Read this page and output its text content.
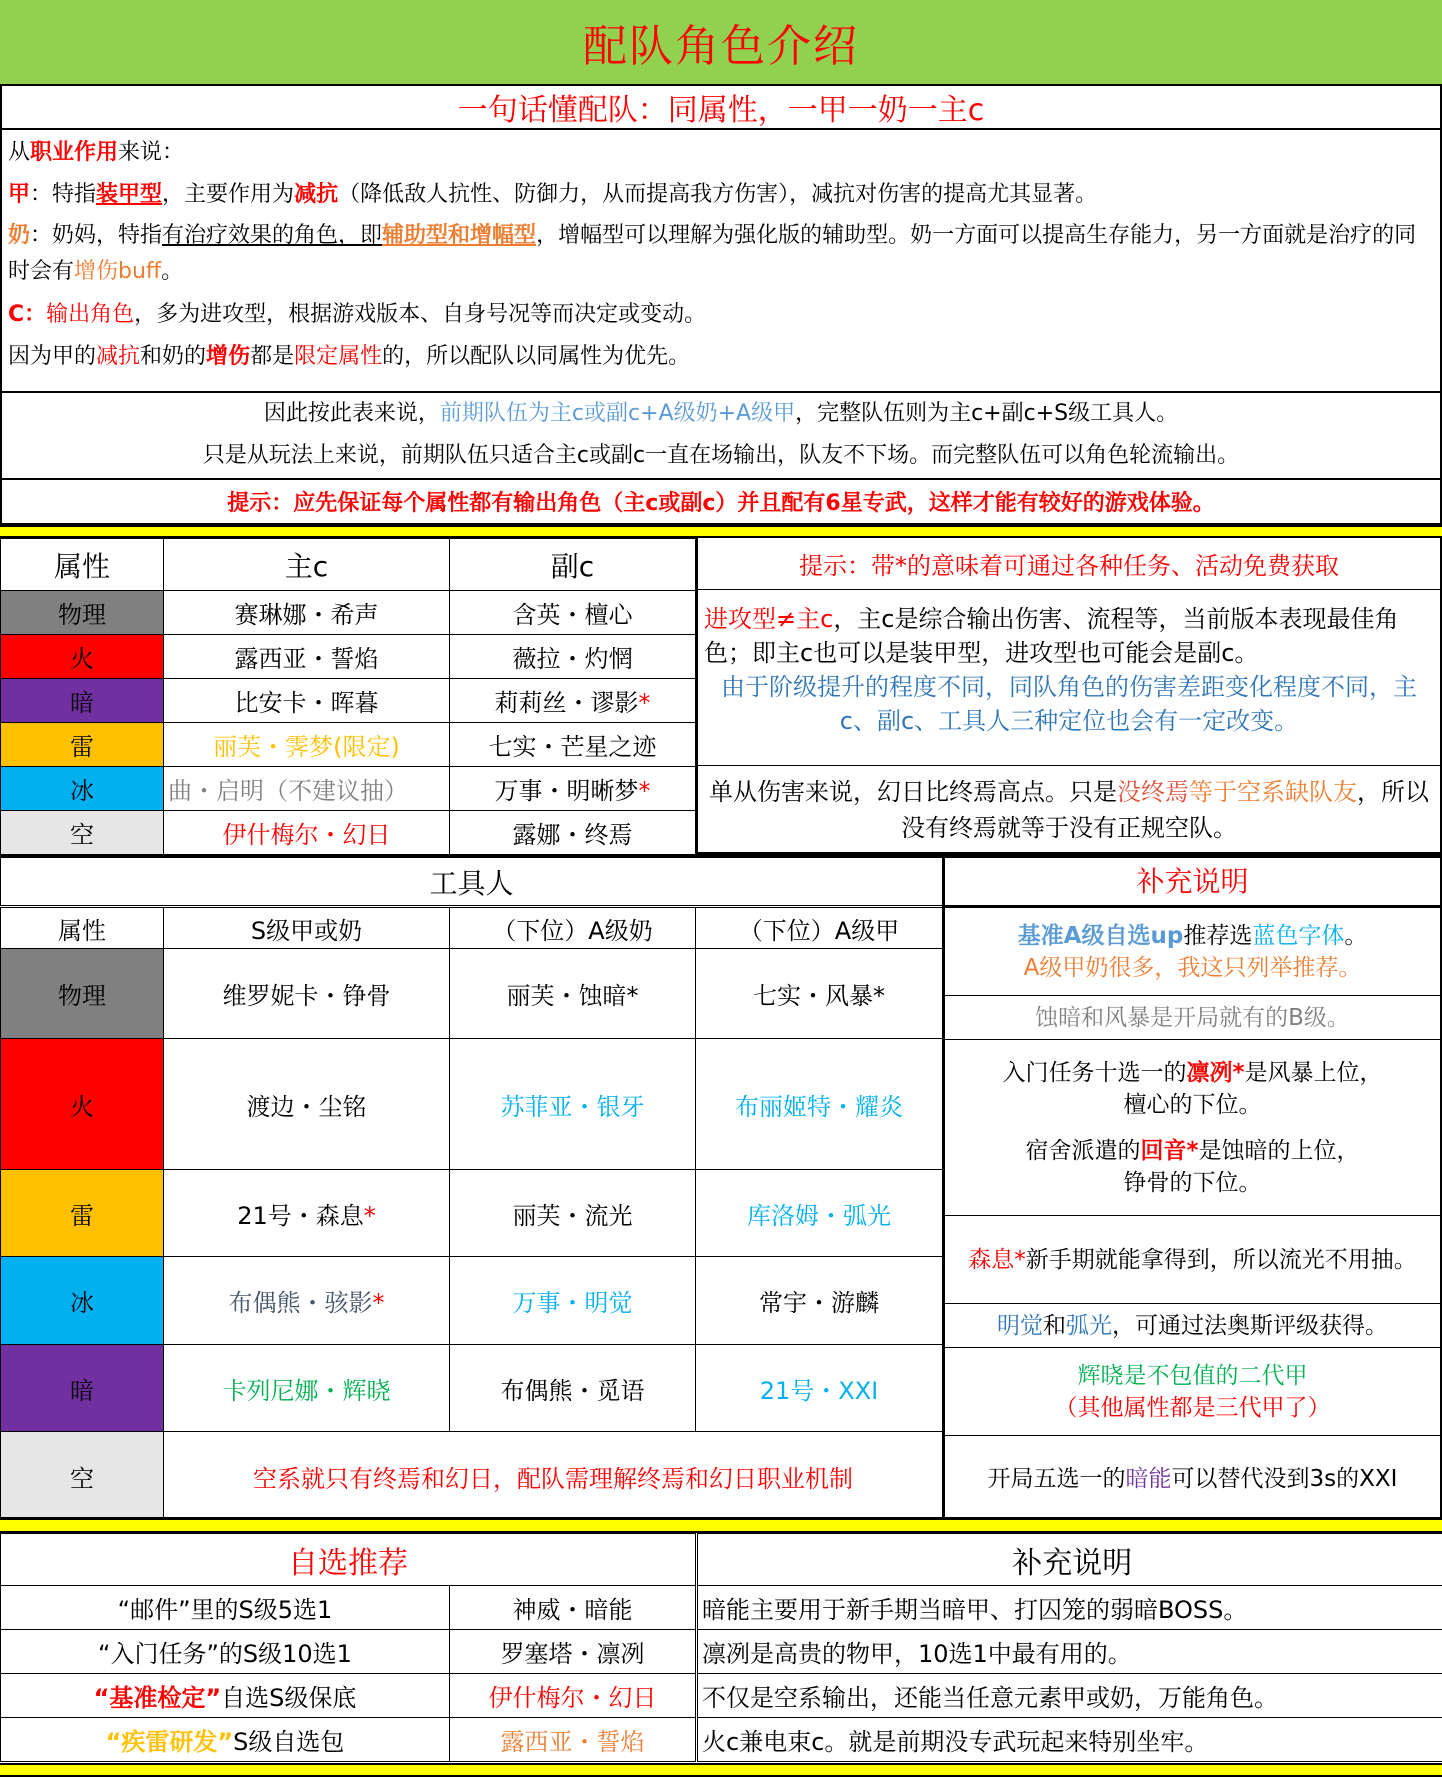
配队角色介绍
一句话懂配队：同属性，一甲一奶一主c

从职业作用来说：

甲：特指装甲型，主要作用为减抗（降低敌人抗性、防御力，从而提高我方伤害），减抗对伤害的提高尤其显著。

奶：奶妈，特指有治疗效果的角色，即辅助型和增幅型，增幅型可以理解为强化版的辅助型。奶一方面可以提高生存能力，另一方面就是治疗的同时会有增伤buff。

C：输出角色，多为进攻型，根据游戏版本、自身号况等而决定或变动。

因为甲的减抗和奶的增伤都是限定属性的，所以配队以同属性为优先。

因此按此表来说，前期队伍为主c或副c+A级奶+A级甲，完整队伍则为主c+副c+S级工具人。

只是从玩法上来说，前期队伍只适合主c或副c一直在场输出，队友不下场。而完整队伍可以角色轮流输出。

提示：应先保证每个属性都有输出角色（主c或副c）并且配有6星专武，这样才能有较好的游戏体验。
属性	主c	副c
物理	赛琳娜・希声	含英・檀心
火	露西亚・誓焰	薇拉・灼惘
暗	比安卡・晖暮	莉莉丝・谬影*
雷	丽芙・霁梦(限定)	七实・芒星之迹
冰	曲・启明（不建议抽）	万事・明晰梦*
空	伊什梅尔・幻日	露娜・终焉
提示：带*的意味着可通过各种任务、活动免费获取
进攻型≠主c，主c是综合输出伤害、流程等，当前版本表现最佳角色；即主c也可以是装甲型，进攻型也可能会是副c。
由于阶级提升的程度不同，同队角色的伤害差距变化程度不同，主c、副c、工具人三种定位也会有一定改变。
单从伤害来说，幻日比终焉高点。只是没终焉等于空系缺队友，所以没有终焉就等于没有正规空队。
工具人			
属性	S级甲或奶	（下位）A级奶	（下位）A级甲
物理	维罗妮卡・铮骨	丽芙・蚀暗*	七实・风暴*
火	渡边・尘铭	苏菲亚・银牙	布丽姬特・耀炎
雷	21号・森息*	丽芙・流光	库洛姆・弧光
冰	布偶熊・骇影*	万事・明觉	常宇・游麟
暗	卡列尼娜・辉晓	布偶熊・觅语	21号・XXI
空	空系就只有终焉和幻日，配队需理解终焉和幻日职业机制		
补充说明
基准A级自选up推荐选蓝色字体。
A级甲奶很多，我这只列举推荐。
蚀暗和风暴是开局就有的B级。
入门任务十选一的凛冽*是风暴上位，
檀心的下位。
宿舍派遣的回音*是蚀暗的上位，
铮骨的下位。
森息*新手期就能拿得到，所以流光不用抽。
明觉和弧光，可通过法奥斯评级获得。
辉晓是不包值的二代甲
（其他属性都是三代甲了）
开局五选一的暗能可以替代没到3s的XXI
自选推荐	
“邮件”里的S级5选1	神威・暗能
“入门任务”的S级10选1	罗塞塔・凛冽
“基准检定”自选S级保底	伊什梅尔・幻日
“疾雷研发”S级自选包	露西亚・誓焰
补充说明
暗能主要用于新手期当暗甲、打囚笼的弱暗BOSS。
凛冽是高贵的物甲，10选1中最有用的。
不仅是空系输出，还能当任意元素甲或奶，万能角色。
火c兼电束c。就是前期没专武玩起来特别坐牢。
